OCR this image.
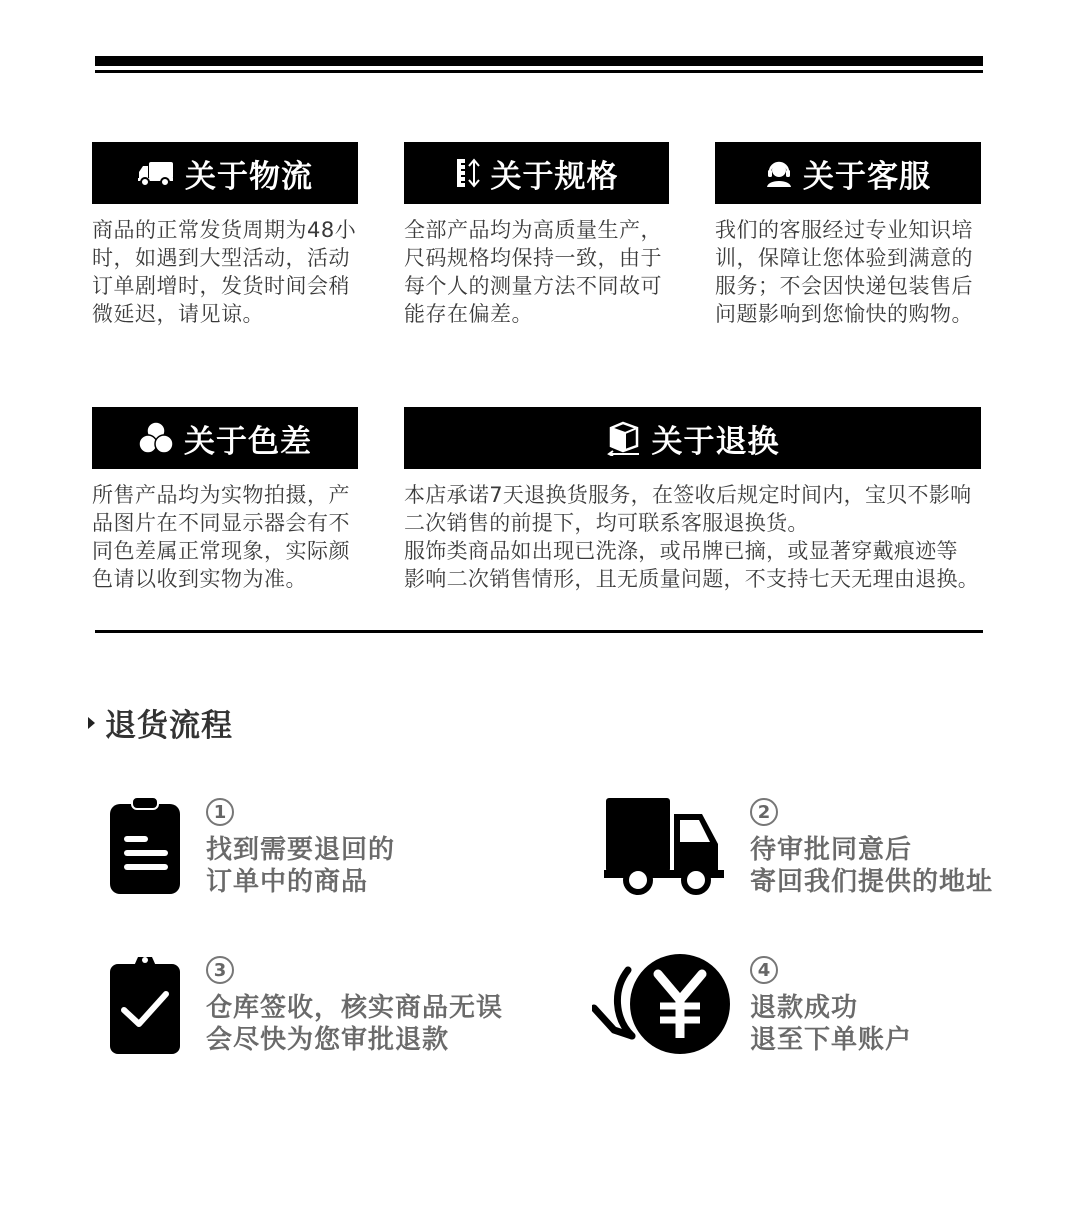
关于物流

商品的正常发货周期为48小

时，如遇到大型活动，活动

订单剧增时，发货时间会稍

微延迟，请见谅。

关于规格

全部产品均为高质量生产，

尺码规格均保持一致，由于

每个人的测量方法不同故可

能存在偏差。

关于客服

我们的客服经过专业知识培

训，保障让您体验到满意的

服务；不会因快递包装售后

问题影响到您愉快的购物。

关于色差

所售产品均为实物拍摄，产

品图片在不同显示器会有不

同色差属正常现象，实际颜

色请以收到实物为准。

关于退换

本店承诺7天退换货服务，在签收后规定时间内，宝贝不影响

二次销售的前提下，均可联系客服退换货。

服饰类商品如出现已洗涤，或吊牌已摘，或显著穿戴痕迹等

影响二次销售情形，且无质量问题，不支持七天无理由退换。

退货流程
1
找到需要退回的
订单中的商品
2
待审批同意后
寄回我们提供的地址
3
仓库签收，核实商品无误
会尽快为您审批退款
4
退款成功
退至下单账户
